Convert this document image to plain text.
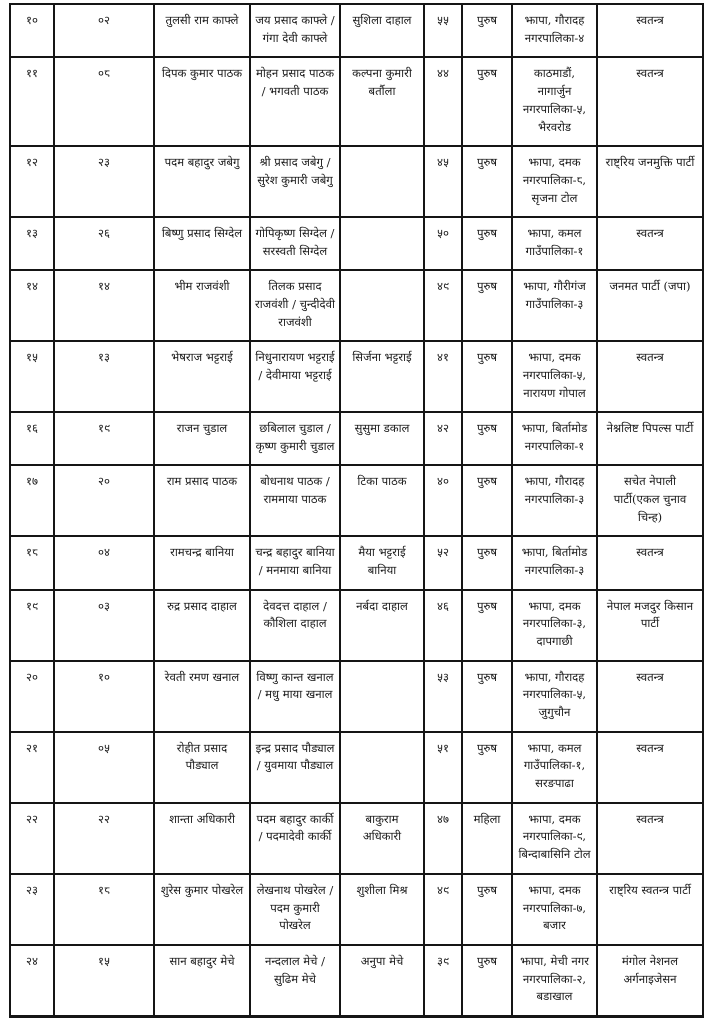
१०	०२	तुलसी राम काफ्ले	जय प्रसाद काफ्ले / गंगा देवी काफ्ले	सुशिला दाहाल	५५	पुरुष	झापा, गौरादह नगरपालिका-४	स्वतन्त्र
११	०८	दिपक कुमार पाठक	मोहन प्रसाद पाठक / भगवती पाठक	कल्पना कुमारी बर्तौला	४४	पुरुष	काठमाडौं, नागार्जुन नगरपालिका-५, भैरवरोड	स्वतन्त्र
१२	२३	पदम बहादुर जबेगु	श्री प्रसाद जबेगु / सुरेश कुमारी जबेगु		४५	पुरुष	झापा, दमक नगरपालिका-८, सृजना टोल	राष्ट्रिय जनमुक्ति पार्टी
१३	२६	बिष्णु प्रसाद सिग्देल	गोपिकृष्ण सिग्देल / सरस्वती सिग्देल		५०	पुरुष	झापा, कमल गाउँपालिका-१	स्वतन्त्र
१४	१४	भीम राजवंशी	तिलक प्रसाद राजवंशी / चुन्दीदेवी राजवंशी		४९	पुरुष	झापा, गौरीगंज गाउँपालिका-३	जनमत पार्टी (जपा)
१५	१३	भेषराज भट्टराई	निधुनारायण भट्टराई / देवीमाया भट्टराई	सिर्जना भट्टराई	४१	पुरुष	झापा, दमक नगरपालिका-५, नारायण गोपाल	स्वतन्त्र
१६	१९	राजन चुडाल	छबिलाल चुडाल / कृष्ण कुमारी चुडाल	सुसुमा डकाल	४२	पुरुष	झापा, बिर्तामोड नगरपालिका-१	नेश्नलिष्ट पिपल्स पार्टी
१७	२०	राम प्रसाद पाठक	बोधनाथ पाठक / राममाया पाठक	टिका पाठक	४०	पुरुष	झापा, गौरादह नगरपालिका-३	सचेत नेपाली पार्टी(एकल चुनाव चिन्ह)
१८	०४	रामचन्द्र बानिया	चन्द्र बहादुर बानिया / मनमाया बानिया	मैया भट्टराई बानिया	५२	पुरुष	झापा, बिर्तामोड नगरपालिका-३	स्वतन्त्र
१९	०३	रुद्र प्रसाद दाहाल	देवदत्त दाहाल / कौशिला दाहाल	नर्बदा दाहाल	४६	पुरुष	झापा, दमक नगरपालिका-३, दापगाछी	नेपाल मजदुर किसान पार्टी
२०	१०	रेवती रमण खनाल	विष्णु कान्त खनाल / मधु माया खनाल		५३	पुरुष	झापा, गौरादह नगरपालिका-५, जुगुचौन	स्वतन्त्र
२१	०५	रोहीत प्रसाद पौड्याल	इन्द्र प्रसाद पौड्याल / युवमाया पौड्याल		५१	पुरुष	झापा, कमल गाउँपालिका-१, सरङपाढा	स्वतन्त्र
२२	२२	शान्ता अधिकारी	पदम बहादुर कार्की / पदमादेवी कार्की	बाकुराम अधिकारी	४७	महिला	झापा, दमक नगरपालिका-९, बिन्दाबासिनि टोल	स्वतन्त्र
२३	१८	शुरेस कुमार पोखरेल	लेखनाथ पोखरेल / पदम कुमारी पोखरेल	शुशीला मिश्र	४९	पुरुष	झापा, दमक नगरपालिका-७, बजार	राष्ट्रिय स्वतन्त्र पार्टी
२४	१५	सान बहादुर मेचे	नन्दलाल मेचे / सुढिम मेचे	अनुपा मेचे	३९	पुरुष	झापा, मेची नगर नगरपालिका-२, बडाखाल	मंगोल नेशनल अर्गनाइजेसन
